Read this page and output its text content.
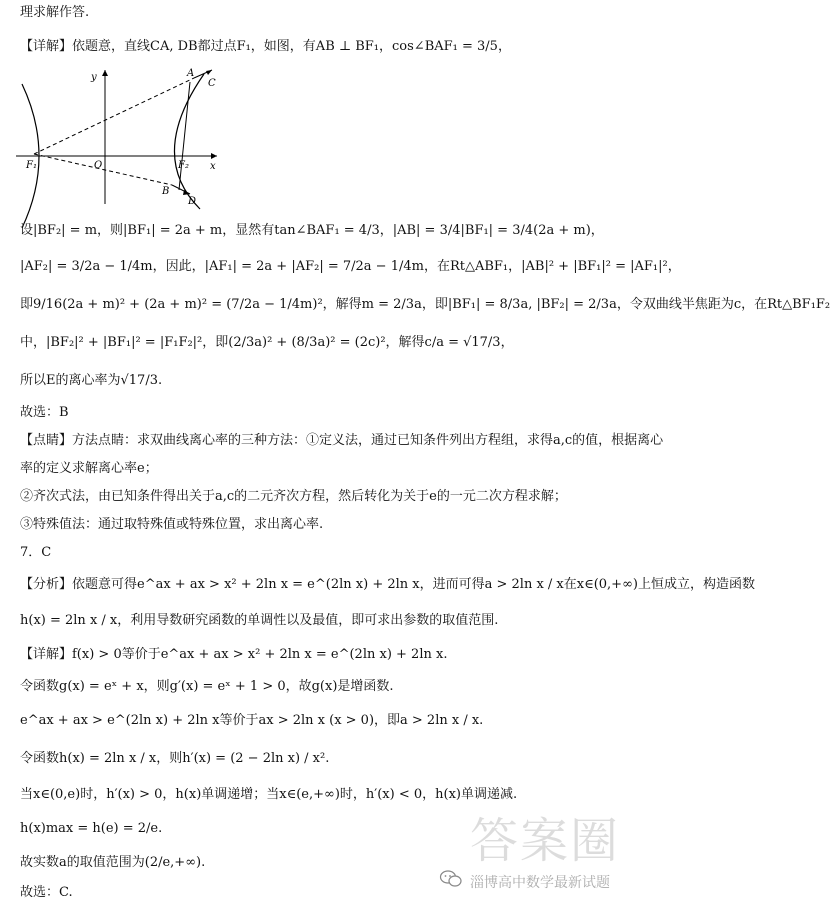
理求解作答.
【详解】依题意，直线CA, DB都过点F₁，如图，有AB ⊥ BF₁，cos∠BAF₁ = 3/5，
y
x
O
F₁	F₂
A
C
B
D
设|BF₂| = m，则|BF₁| = 2a + m，显然有tan∠BAF₁ = 4/3，|AB| = 3/4|BF₁| = 3/4(2a + m)，
|AF₂| = 3/2a − 1/4m，因此，|AF₁| = 2a + |AF₂| = 7/2a − 1/4m，在Rt△ABF₁，|AB|² + |BF₁|² = |AF₁|²，
即9/16(2a + m)² + (2a + m)² = (7/2a − 1/4m)²，解得m = 2/3a，即|BF₁| = 8/3a, |BF₂| = 2/3a，令双曲线半焦距为c，在Rt△BF₁F₂
中，|BF₂|² + |BF₁|² = |F₁F₂|²，即(2/3a)² + (8/3a)² = (2c)²，解得c/a = √17/3，
所以E的离心率为√17/3.
故选：B
【点睛】方法点睛：求双曲线离心率的三种方法：①定义法，通过已知条件列出方程组，求得a,c的值，根据离心
率的定义求解离心率e；
②齐次式法，由已知条件得出关于a,c的二元齐次方程，然后转化为关于e的一元二次方程求解；
③特殊值法：通过取特殊值或特殊位置，求出离心率.
7．C
【分析】依题意可得e^ax + ax > x² + 2ln x = e^(2ln x) + 2ln x，进而可得a > 2ln x / x在x∈(0,+∞)上恒成立，构造函数
h(x) = 2ln x / x，利用导数研究函数的单调性以及最值，即可求出参数的取值范围.
【详解】f(x) > 0等价于e^ax + ax > x² + 2ln x = e^(2ln x) + 2ln x.
令函数g(x) = eˣ + x，则g′(x) = eˣ + 1 > 0，故g(x)是增函数.
e^ax + ax > e^(2ln x) + 2ln x等价于ax > 2ln x (x > 0)，即a > 2ln x / x.
令函数h(x) = 2ln x / x，则h′(x) = (2 − 2ln x) / x².
当x∈(0,e)时，h′(x) > 0，h(x)单调递增；当x∈(e,+∞)时，h′(x) < 0，h(x)单调递减.
h(x)max = h(e) = 2/e.
故实数a的取值范围为(2/e,+∞).
故选：C.
答案圈
淄博高中数学最新试题
